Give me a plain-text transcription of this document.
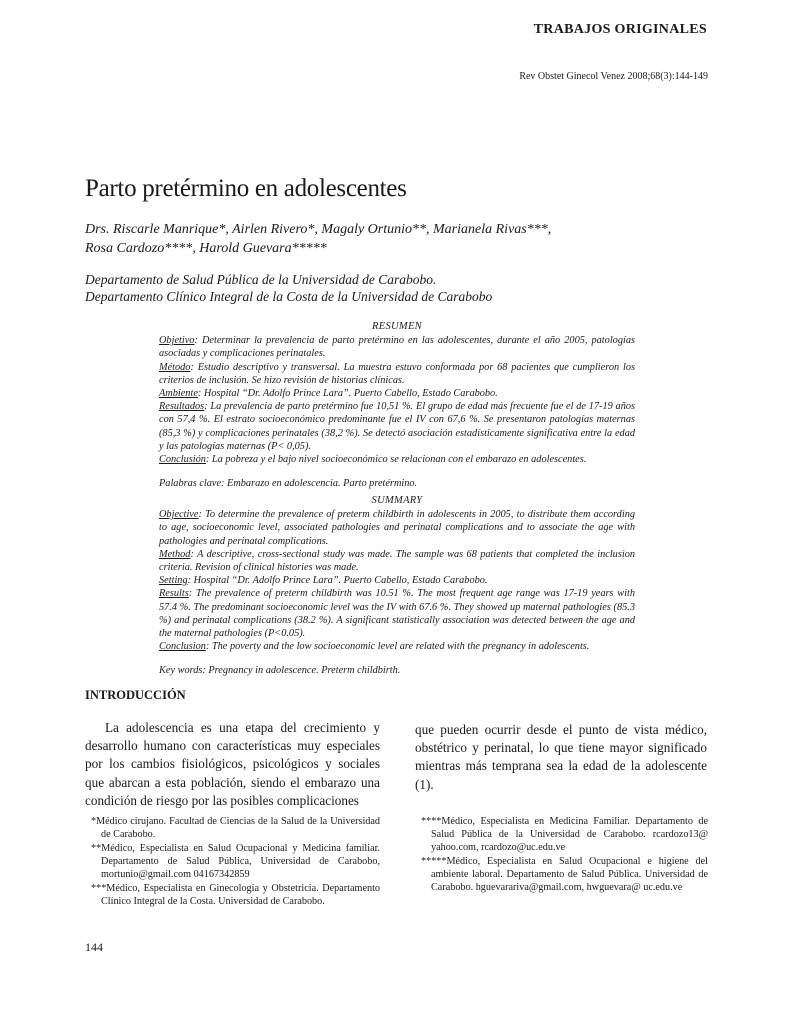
TRABAJOS ORIGINALES
Rev Obstet Ginecol Venez 2008;68(3):144-149
Parto pretérmino en adolescentes
Drs. Riscarle Manrique*, Airlen Rivero*, Magaly Ortunio**, Marianela Rivas***,
Rosa Cardozo****, Harold Guevara*****
Departamento de Salud Pública de la Universidad de Carabobo.
Departamento Clínico Integral de la Costa de la Universidad de Carabobo
RESUMEN

Objetivo: Determinar la prevalencia de parto pretérmino en las adolescentes, durante el año 2005, patologías asociadas y complicaciones perinatales.

Método: Estudio descriptivo y transversal. La muestra estuvo conformada por 68 pacientes que cumplieron los criterios de inclusión. Se hizo revisión de historias clínicas.

Ambiente: Hospital “Dr. Adolfo Prince Lara”. Puerto Cabello, Estado Carabobo.

Resultados: La prevalencia de parto pretérmino fue 10,51 %. El grupo de edad más frecuente fue el de 17-19 años con 57,4 %. El estrato socioeconómico predominante fue el IV con 67,6 %. Se presentaron patologías maternas (85,3 %) y complicaciones perinatales (38,2 %). Se detectó asociación estadísticamente significativa entre la edad y las patologías maternas (P< 0,05).

Conclusión: La pobreza y el bajo nivel socioeconómico se relacionan con el embarazo en adolescentes.

Palabras clave: Embarazo en adolescencia. Parto pretérmino.

SUMMARY

Objective: To determine the prevalence of preterm childbirth in adolescents in 2005, to distribute them according to age, socioeconomic level, associated pathologies and perinatal complications and to associate the age with pathologies and perinatal complications.

Method: A descriptive, cross-sectional study was made. The sample was 68 patients that completed the inclusion criteria. Revision of clinical histories was made.

Setting: Hospital “Dr. Adolfo Prince Lara”. Puerto Cabello, Estado Carabobo.

Results: The prevalence of preterm childbirth was 10.51 %. The most frequent age range was 17-19 years with 57.4 %. The predominant socioeconomic level was the IV with 67.6 %. They showed up maternal pathologies (85.3 %) and perinatal complications (38.2 %). A significant statistically association was detected between the age and the maternal pathologies (P<0.05).

Conclusion: The poverty and the low socioeconomic level are related with the pregnancy in adolescents.

Key words: Pregnancy in adolescence. Preterm childbirth.

INTRODUCCIÓN
La adolescencia es una etapa del crecimiento y desarrollo humano con características muy especiales por los cambios fisiológicos, psicológicos y sociales que abarcan a esta población, siendo el embarazo una condición de riesgo por las posibles complicaciones
que pueden ocurrir desde el punto de vista médico, obstétrico y perinatal, lo que tiene mayor significado mientras más temprana sea la edad de la adolescente (1).
*Médico cirujano. Facultad de Ciencias de la Salud de la Universidad de Carabobo.
**Médico, Especialista en Salud Ocupacional y Medicina familiar. Departamento de Salud Pública, Universidad de Carabobo, mortunio@gmail.com 04167342859
***Médico, Especialista en Ginecología y Obstetricia. Departamento Clínico Integral de la Costa. Universidad de Carabobo.
****Médico, Especialista en Medicina Familiar. Departamento de Salud Pública de la Universidad de Carabobo. rcardozo13@ yahoo.com, rcardozo@uc.edu.ve
*****Médico, Especialista en Salud Ocupacional e higiene del ambiente laboral. Departamento de Salud Pública. Universidad de Carabobo. hguevarariva@gmail.com, hwguevara@ uc.edu.ve
144
